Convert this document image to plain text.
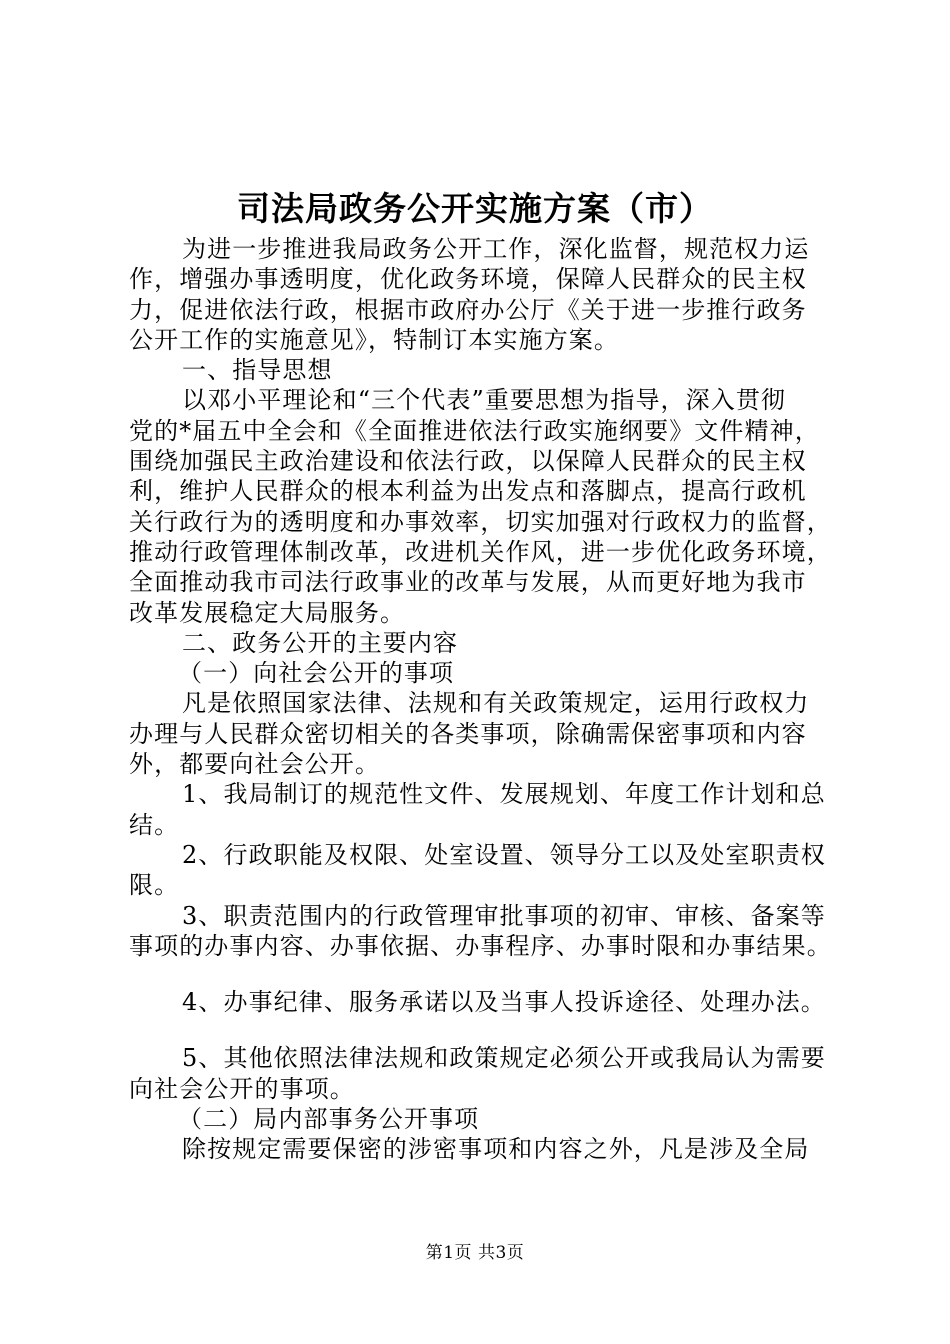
司法局政务公开实施方案（市）
为进一步推进我局政务公开工作，深化监督，规范权力运
作，增强办事透明度，优化政务环境，保障人民群众的民主权
力，促进依法行政，根据市政府办公厅《关于进一步推行政务
公开工作的实施意见》，特制订本实施方案。
一、指导思想
以邓小平理论和“三个代表”重要思想为指导，深入贯彻
党的*届五中全会和《全面推进依法行政实施纲要》文件精神，
围绕加强民主政治建设和依法行政，以保障人民群众的民主权
利，维护人民群众的根本利益为出发点和落脚点，提高行政机
关行政行为的透明度和办事效率，切实加强对行政权力的监督，
推动行政管理体制改革，改进机关作风，进一步优化政务环境，
全面推动我市司法行政事业的改革与发展，从而更好地为我市
改革发展稳定大局服务。
二、政务公开的主要内容
（一）向社会公开的事项
凡是依照国家法律、法规和有关政策规定，运用行政权力
办理与人民群众密切相关的各类事项，除确需保密事项和内容
外，都要向社会公开。
1、我局制订的规范性文件、发展规划、年度工作计划和总
结。
2、行政职能及权限、处室设置、领导分工以及处室职责权
限。
3、职责范围内的行政管理审批事项的初审、审核、备案等
事项的办事内容、办事依据、办事程序、办事时限和办事结果。
4、办事纪律、服务承诺以及当事人投诉途径、处理办法。
5、其他依照法律法规和政策规定必须公开或我局认为需要
向社会公开的事项。
（二）局内部事务公开事项
除按规定需要保密的涉密事项和内容之外，凡是涉及全局
第1页 共3页
